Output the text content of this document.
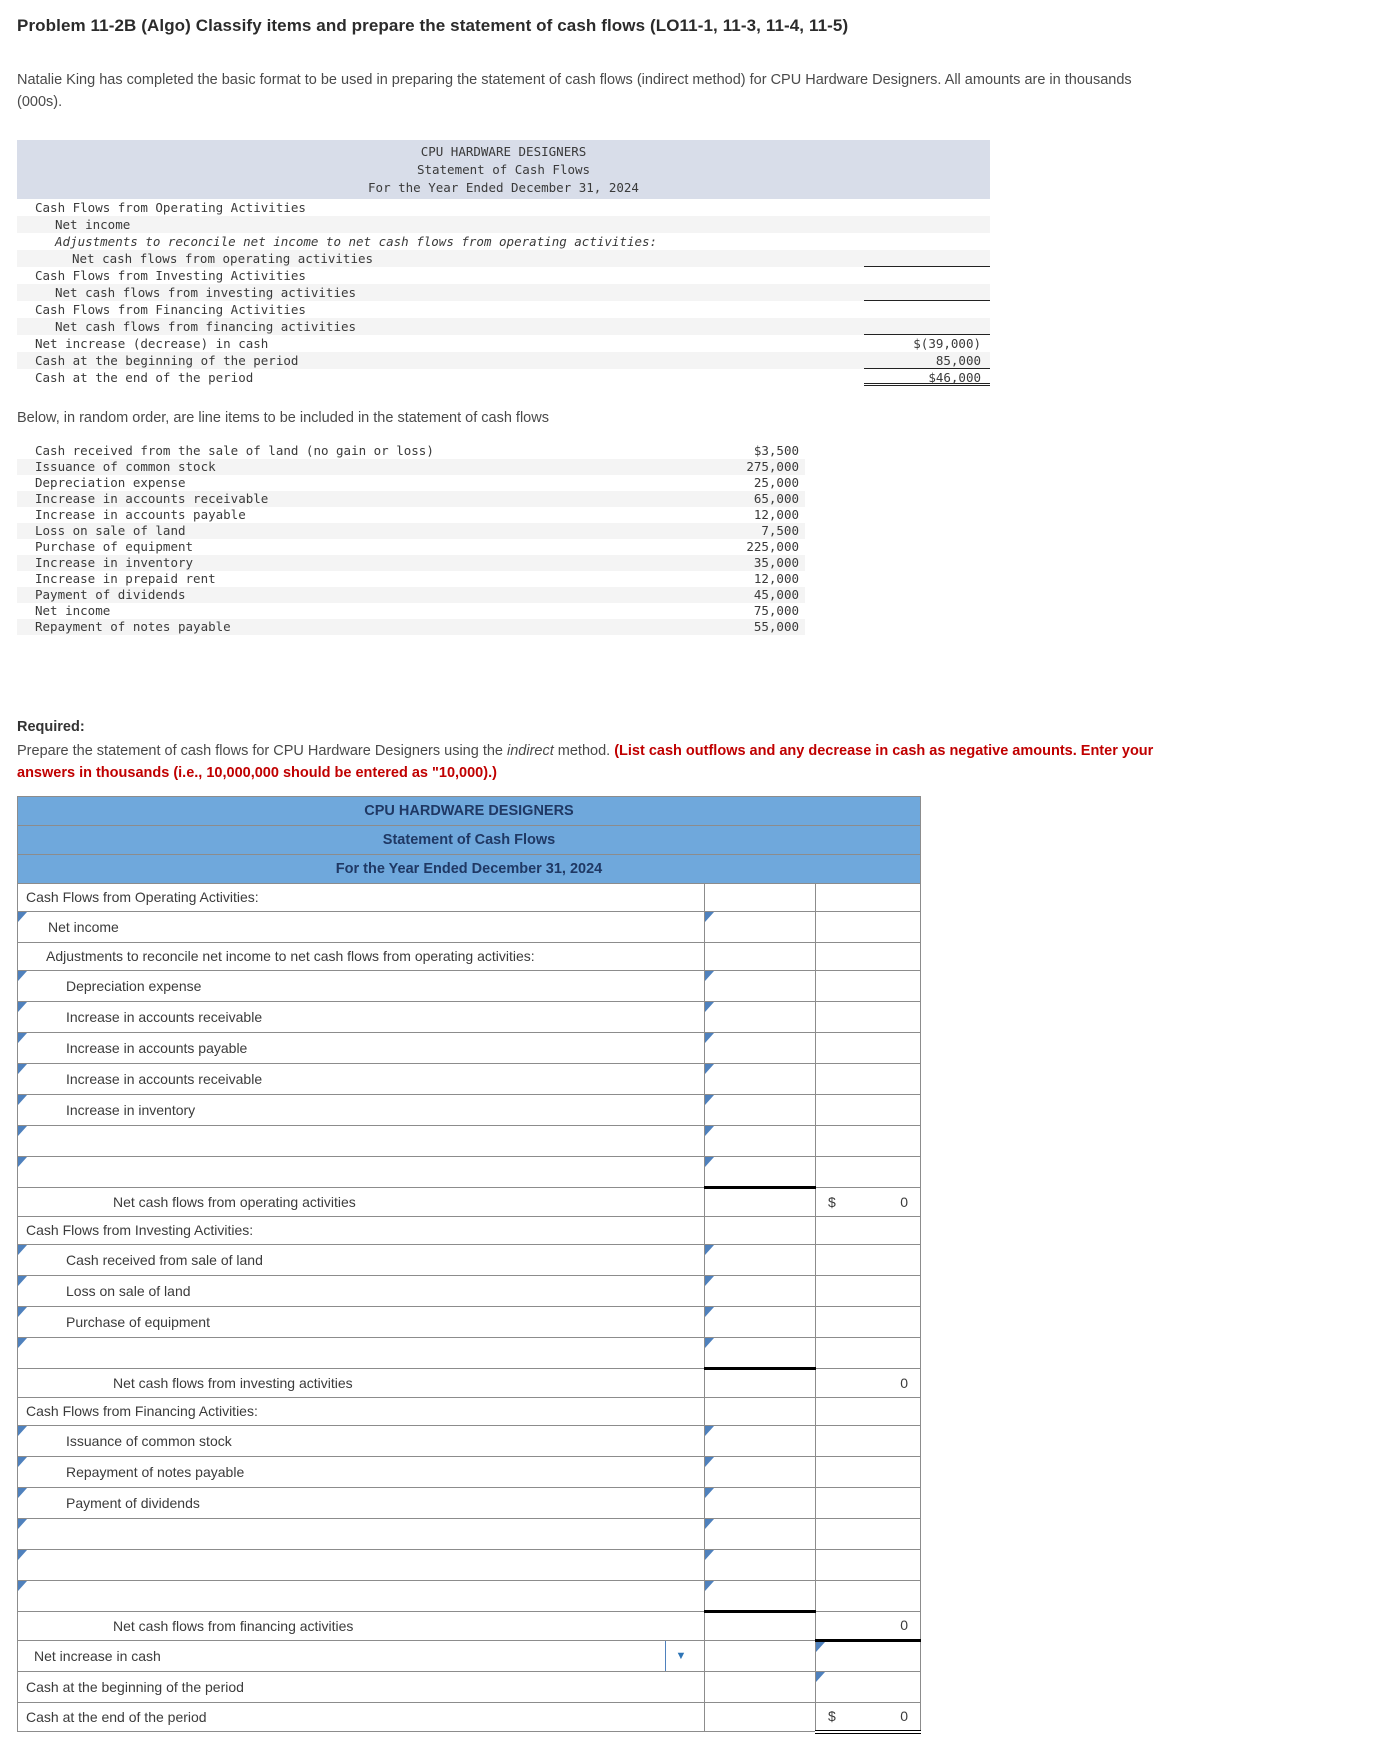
Problem 11-2B (Algo) Classify items and prepare the statement of cash flows (LO11-1, 11-3, 11-4, 11-5)
Natalie King has completed the basic format to be used in preparing the statement of cash flows (indirect method) for CPU Hardware Designers. All amounts are in thousands (000s).
CPU HARDWARE DESIGNERS
Statement of Cash Flows
For the Year Ended December 31, 2024
Cash Flows from Operating Activities
Net income
Adjustments to reconcile net income to net cash flows from operating activities:
Net cash flows from operating activities
Cash Flows from Investing Activities
Net cash flows from investing activities
Cash Flows from Financing Activities
Net cash flows from financing activities
Net increase (decrease) in cash	$(39,000)
Cash at the beginning of the period	85,000
Cash at the end of the period	$46,000
Below, in random order, are line items to be included in the statement of cash flows
Cash received from the sale of land (no gain or loss)	$3,500
Issuance of common stock	275,000
Depreciation expense	25,000
Increase in accounts receivable	65,000
Increase in accounts payable	12,000
Loss on sale of land	7,500
Purchase of equipment	225,000
Increase in inventory	35,000
Increase in prepaid rent	12,000
Payment of dividends	45,000
Net income	75,000
Repayment of notes payable	55,000
Required:
Prepare the statement of cash flows for CPU Hardware Designers using the indirect method. (List cash outflows and any decrease in cash as negative amounts. Enter your answers in thousands (i.e., 10,000,000 should be entered as "10,000).)
CPU HARDWARE DESIGNERS		
Statement of Cash Flows		
For the Year Ended December 31, 2024		
Cash Flows from Operating Activities:		

Net income	

Adjustments to reconcile net income to net cash flows from operating activities:		

Depreciation expense	

Increase in accounts receivable	

Increase in accounts payable	

Increase in accounts receivable	

Increase in inventory	

Net cash flows from operating activities		$ 0

Cash Flows from Investing Activities:		

Cash received from sale of land	

Loss on sale of land	

Purchase of equipment	

Net cash flows from investing activities		0

Cash Flows from Financing Activities:		

Issuance of common stock	

Repayment of notes payable	

Payment of dividends	

Net cash flows from financing activities		0

Net increase in cash ▼		

Cash at the beginning of the period		

Cash at the end of the period		$ 0
